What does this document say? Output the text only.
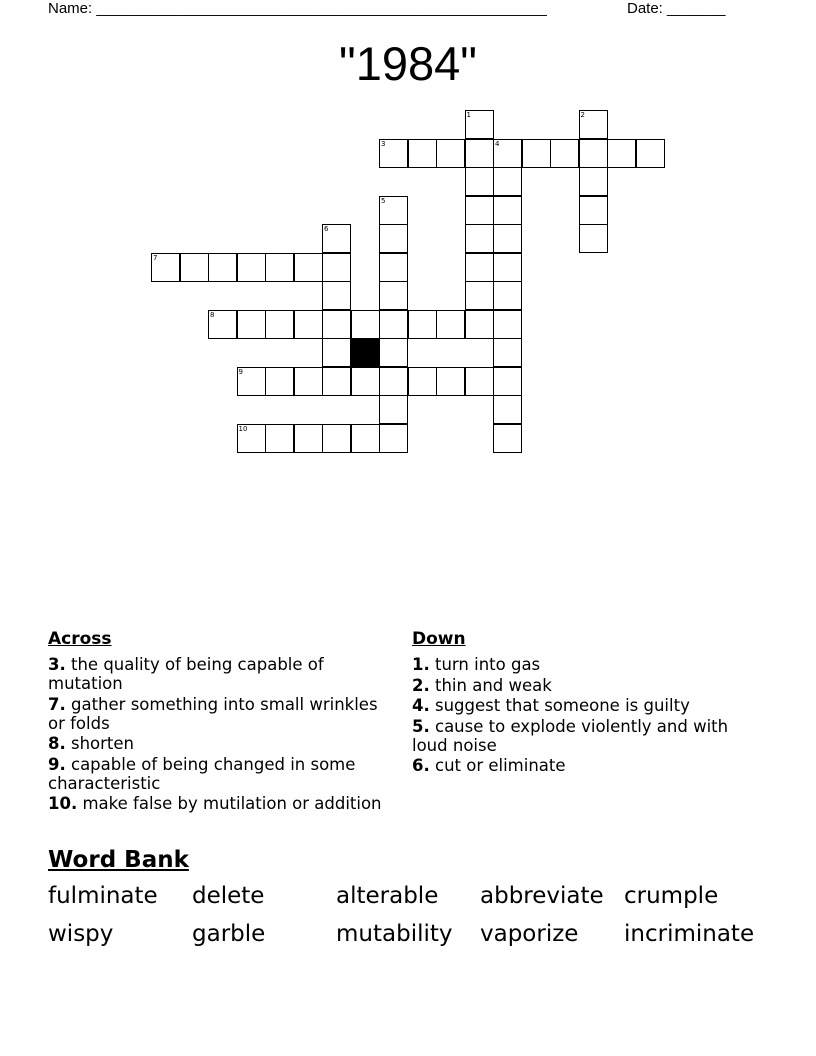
Name: ______________________________________________________	Date: _______
"1984"
1	2
3	4
5
6
7
8
9
10
Across
3. the quality of being capable of mutation
7. gather something into small wrinkles or folds
8. shorten
9. capable of being changed in some characteristic
10. make false by mutilation or addition
Down
1. turn into gas
2. thin and weak
4. suggest that someone is guilty
5. cause to explode violently and with loud noise
6. cut or eliminate
Word Bank
fulminate	delete	alterable	abbreviate crumple
wispy	garble	mutability	vaporize	incriminate
